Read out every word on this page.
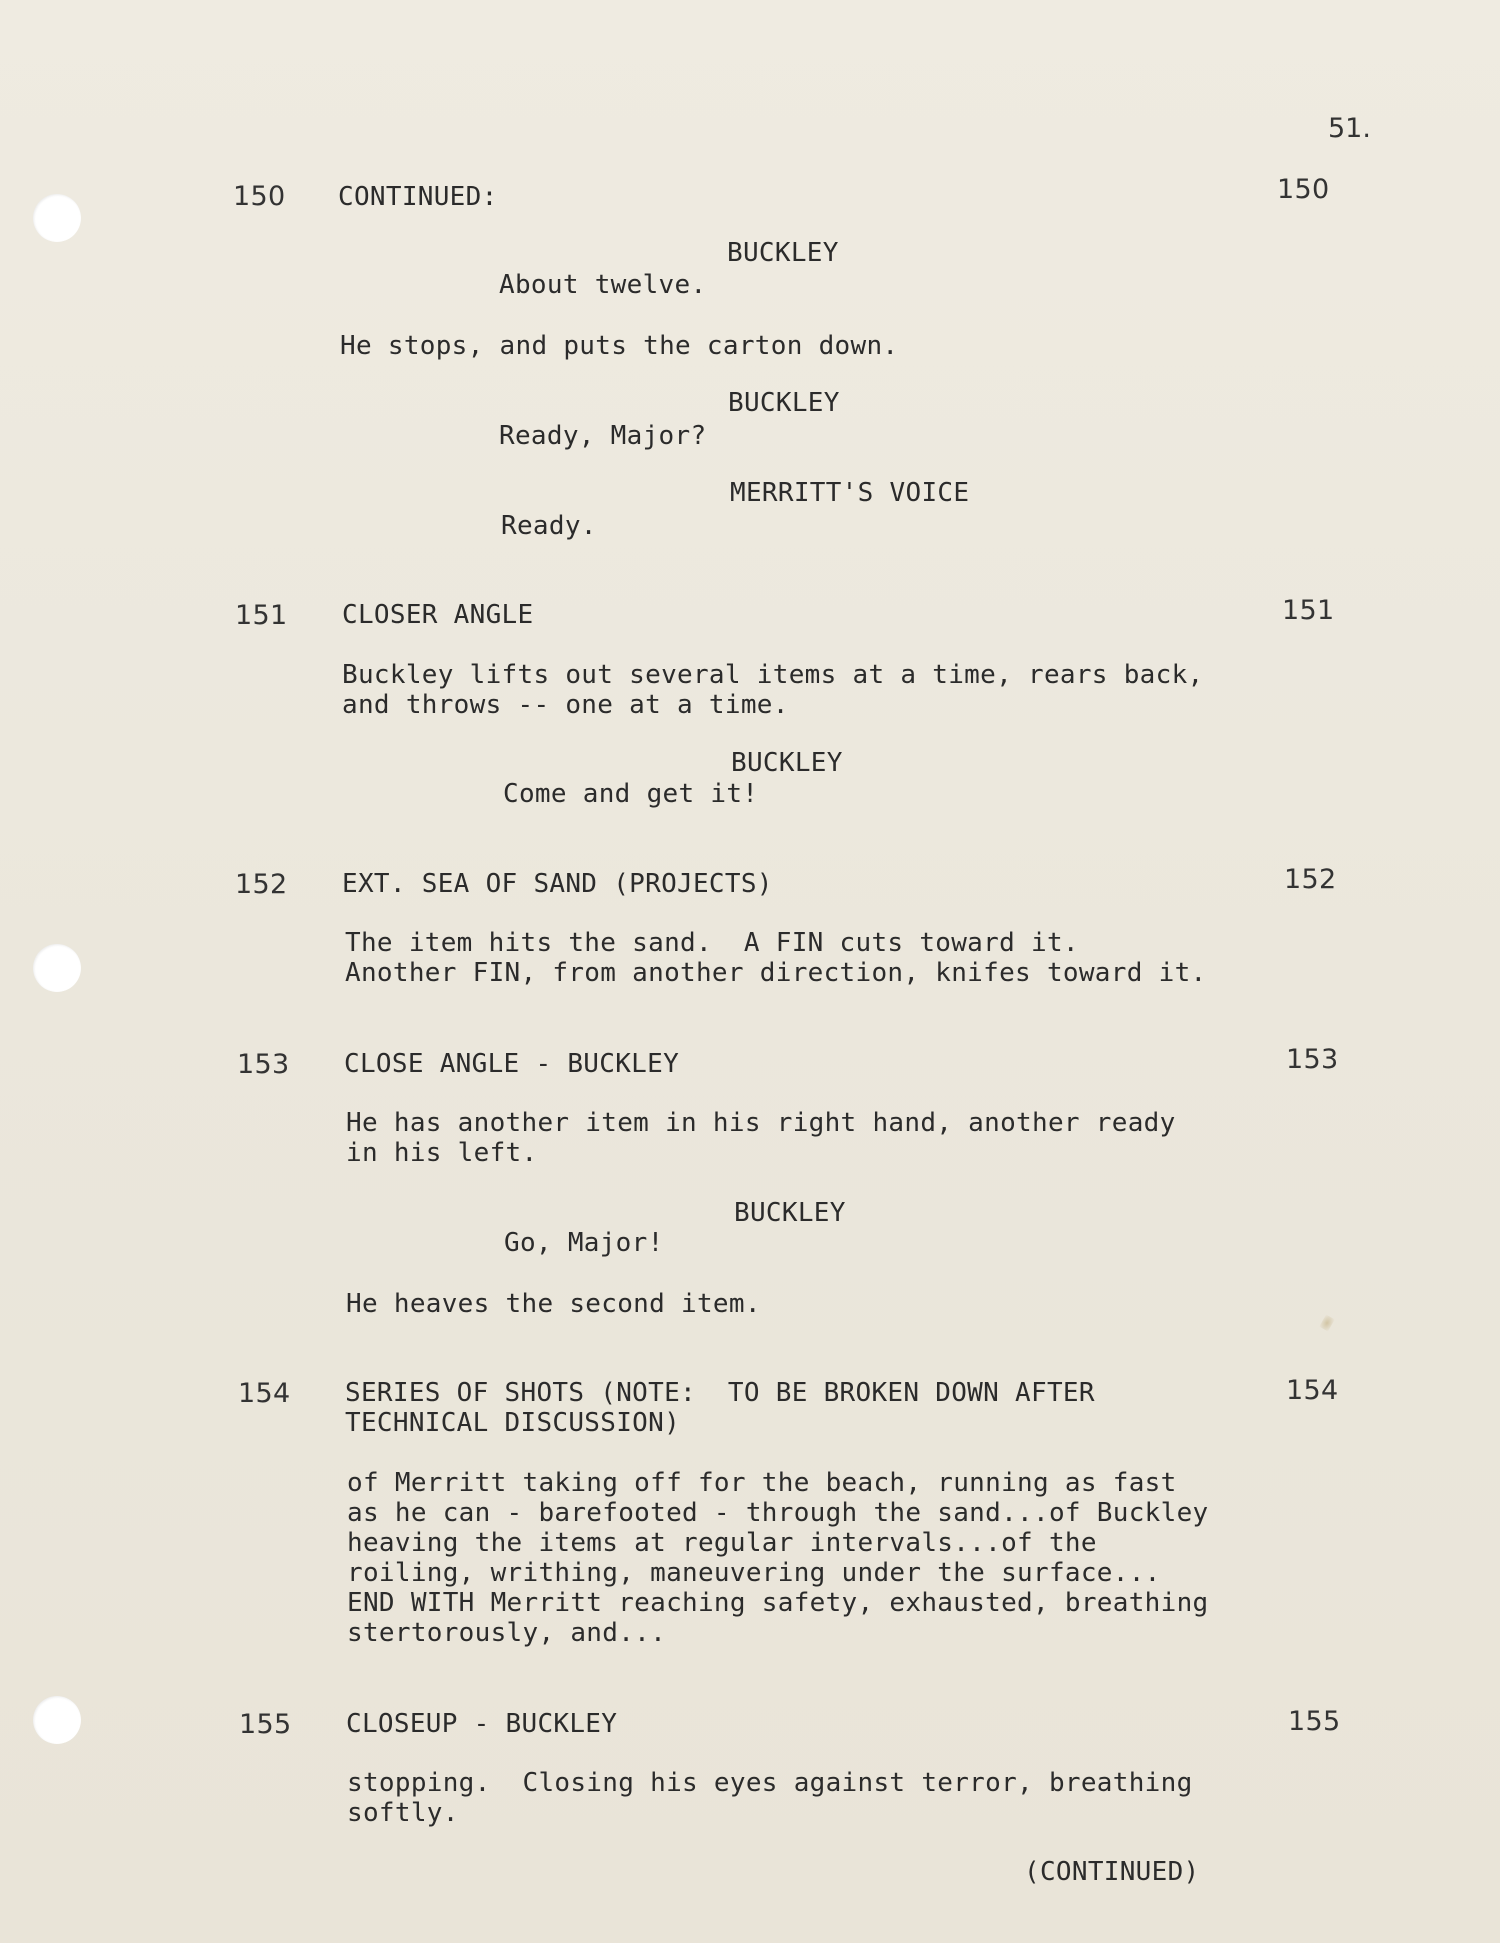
51.
150 CONTINUED:	150
BUCKLEY
About twelve.
He stops, and puts the carton down.
BUCKLEY
Ready, Major?
MERRITT'S VOICE
Ready.
151 CLOSER ANGLE	151
Buckley lifts out several items at a time, rears back,
and throws -- one at a time.
BUCKLEY
Come and get it!
152 EXT. SEA OF SAND (PROJECTS)	152
The item hits the sand.  A FIN cuts toward it.
Another FIN, from another direction, knifes toward it.
153 CLOSE ANGLE - BUCKLEY	153
He has another item in his right hand, another ready
in his left.
BUCKLEY
Go, Major!
He heaves the second item.
154 SERIES OF SHOTS (NOTE:  TO BE BROKEN DOWN AFTER
TECHNICAL DISCUSSION)
154
of Merritt taking off for the beach, running as fast
as he can - barefooted - through the sand...of Buckley
heaving the items at regular intervals...of the
roiling, writhing, maneuvering under the surface...
END WITH Merritt reaching safety, exhausted, breathing
stertorously, and...
155 CLOSEUP - BUCKLEY	155
stopping.  Closing his eyes against terror, breathing
softly.
(CONTINUED)
